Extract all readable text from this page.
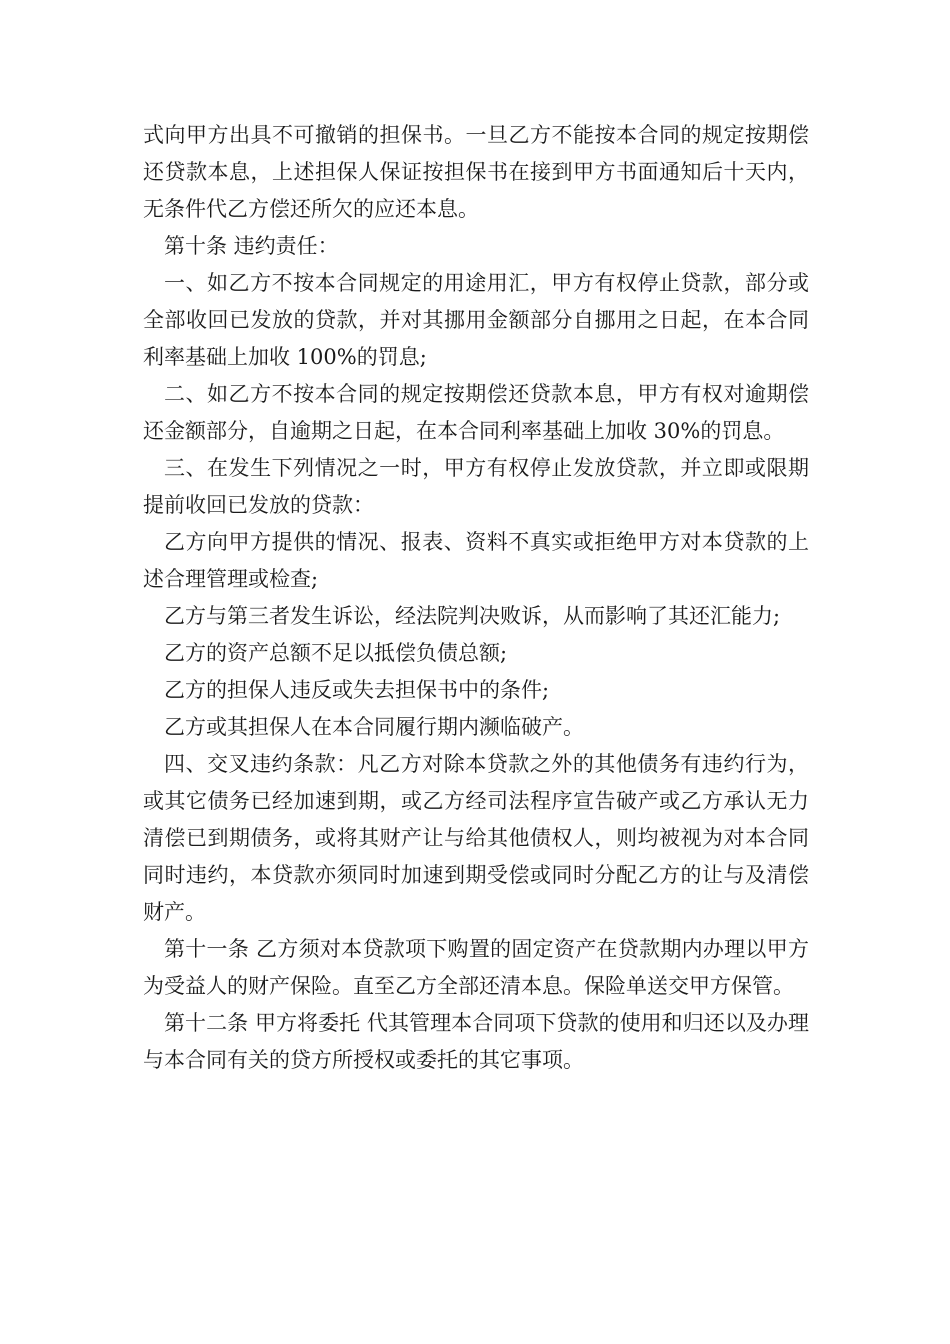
式向甲方出具不可撤销的担保书。一旦乙方不能按本合同的规定按期偿还贷款本息，上述担保人保证按担保书在接到甲方书面通知后十天内，无条件代乙方偿还所欠的应还本息。

第十条 违约责任：

一、如乙方不按本合同规定的用途用汇，甲方有权停止贷款，部分或全部收回已发放的贷款，并对其挪用金额部分自挪用之日起，在本合同利率基础上加收 100%的罚息;

二、如乙方不按本合同的规定按期偿还贷款本息，甲方有权对逾期偿还金额部分，自逾期之日起，在本合同利率基础上加收 30%的罚息。

三、在发生下列情况之一时，甲方有权停止发放贷款，并立即或限期提前收回已发放的贷款：

乙方向甲方提供的情况、报表、资料不真实或拒绝甲方对本贷款的上述合理管理或检查;

乙方与第三者发生诉讼，经法院判决败诉，从而影响了其还汇能力;

乙方的资产总额不足以抵偿负债总额;

乙方的担保人违反或失去担保书中的条件;

乙方或其担保人在本合同履行期内濒临破产。

四、交叉违约条款：凡乙方对除本贷款之外的其他债务有违约行为，或其它债务已经加速到期，或乙方经司法程序宣告破产或乙方承认无力清偿已到期债务，或将其财产让与给其他债权人，则均被视为对本合同同时违约，本贷款亦须同时加速到期受偿或同时分配乙方的让与及清偿财产。

第十一条 乙方须对本贷款项下购置的固定资产在贷款期内办理以甲方为受益人的财产保险。直至乙方全部还清本息。保险单送交甲方保管。

第十二条 甲方将委托 代其管理本合同项下贷款的使用和归还以及办理与本合同有关的贷方所授权或委托的其它事项。
